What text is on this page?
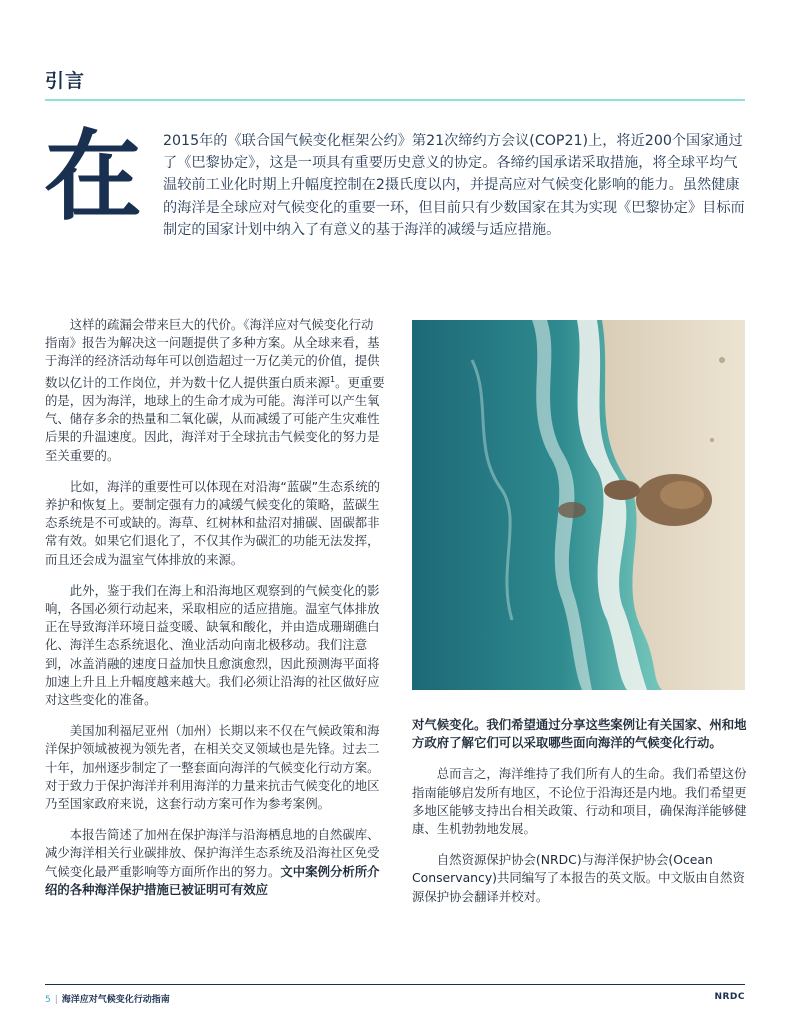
引言
在 2015年的《联合国气候变化框架公约》第21次缔约方会议(COP21)上，将近200个国家通过了《巴黎协定》，这是一项具有重要历史意义的协定。各缔约国承诺采取措施，将全球平均气温较前工业化时期上升幅度控制在2摄氏度以内，并提高应对气候变化影响的能力。虽然健康的海洋是全球应对气候变化的重要一环，但目前只有少数国家在其为实现《巴黎协定》目标而制定的国家计划中纳入了有意义的基于海洋的减缓与适应措施。

这样的疏漏会带来巨大的代价。《海洋应对气候变化行动指南》报告为解决这一问题提供了多种方案。从全球来看，基于海洋的经济活动每年可以创造超过一万亿美元的价值，提供数以亿计的工作岗位，并为数十亿人提供蛋白质来源$^1$。更重要的是，因为海洋，地球上的生命才成为可能。海洋可以产生氧气、储存多余的热量和二氧化碳，从而减缓了可能产生灾难性后果的升温速度。因此，海洋对于全球抗击气候变化的努力是至关重要的。

比如，海洋的重要性可以体现在对沿海“蓝碳”生态系统的养护和恢复上。要制定强有力的减缓气候变化的策略，蓝碳生态系统是不可或缺的。海草、红树林和盐沼对捕碳、固碳都非常有效。如果它们退化了，不仅其作为碳汇的功能无法发挥，而且还会成为温室气体排放的来源。

此外，鉴于我们在海上和沿海地区观察到的气候变化的影响，各国必须行动起来，采取相应的适应措施。温室气体排放正在导致海洋环境日益变暖、缺氧和酸化，并由造成珊瑚礁白化、海洋生态系统退化、渔业活动向南北极移动。我们注意到，冰盖消融的速度日益加快且愈演愈烈，因此预测海平面将加速上升且上升幅度越来越大。我们必须让沿海的社区做好应对这些变化的准备。

美国加利福尼亚州（加州）长期以来不仅在气候政策和海洋保护领域被视为领先者，在相关交叉领域也是先锋。过去二十年，加州逐步制定了一整套面向海洋的气候变化行动方案。对于致力于保护海洋并利用海洋的力量来抗击气候变化的地区乃至国家政府来说，这套行动方案可作为参考案例。

本报告简述了加州在保护海洋与沿海栖息地的自然碳库、减少海洋相关行业碳排放、保护海洋生态系统及沿海社区免受气候变化最严重影响等方面所作出的努力。文中案例分析所介绍的各种海洋保护措施已被证明可有效应

对气候变化。我们希望通过分享这些案例让有关国家、州和地方政府了解它们可以采取哪些面向海洋的气候变化行动。

总而言之，海洋维持了我们所有人的生命。我们希望这份指南能够启发所有地区，不论位于沿海还是内地。我们希望更多地区能够支持出台相关政策、行动和项目，确保海洋能够健康、生机勃勃地发展。

自然资源保护协会(NRDC)与海洋保护协会(Ocean Conservancy)共同编写了本报告的英文版。中文版由自然资源保护协会翻译并校对。

5 | 海洋应对气候变化行动指南	NRDC
